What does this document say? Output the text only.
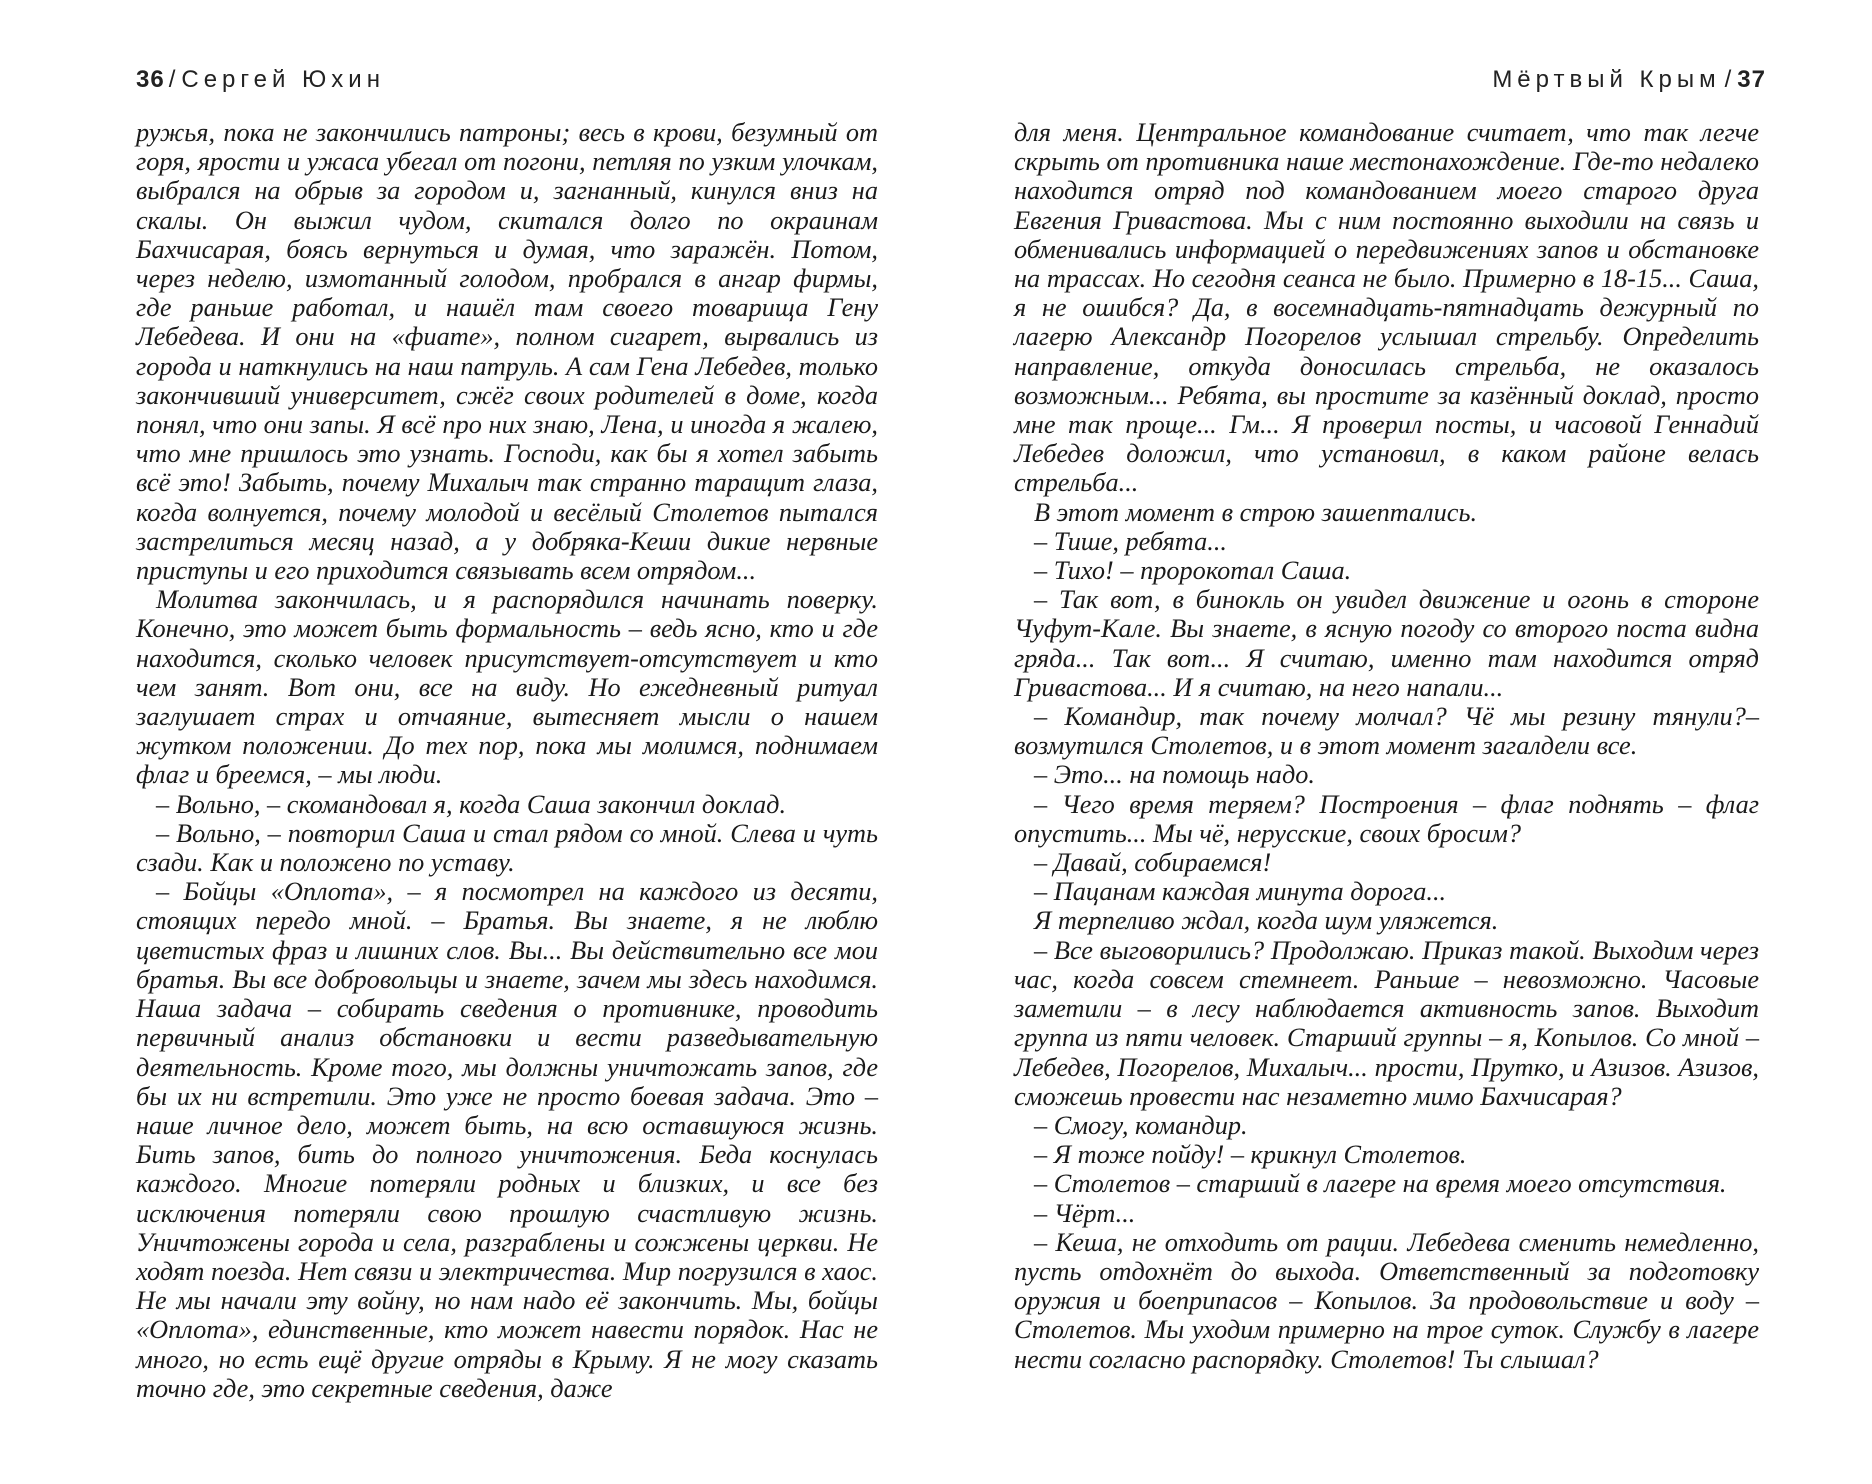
36 / Сергей Юхин

ружья, пока не закончились патроны; весь в крови, безумный от горя, ярости и ужаса убегал от погони, петляя по узким улочкам, выбрался на обрыв за городом и, загнанный, кинулся вниз на скалы. Он выжил чудом, скитался долго по окраинам Бахчисарая, боясь вернуться и думая, что заражён. Потом, через неделю, измотанный голодом, пробрался в ангар фирмы, где раньше работал, и нашёл там своего товарища Гену Лебедева. И они на «фиате», полном сигарет, вырвались из города и наткнулись на наш патруль. А сам Гена Лебедев, только закончивший университет, сжёг своих родителей в доме, когда понял, что они запы. Я всё про них знаю, Лена, и иногда я жалею, что мне пришлось это узнать. Господи, как бы я хотел забыть всё это! Забыть, почему Михалыч так странно таращит глаза, когда волнуется, почему молодой и весёлый Столетов пытался застрелиться месяц назад, а у добряка-Кеши дикие нервные приступы и его приходится связывать всем отрядом...

Молитва закончилась, и я распорядился начинать поверку. Конечно, это может быть формальность – ведь ясно, кто и где находится, сколько человек присутствует-отсутствует и кто чем занят. Вот они, все на виду. Но ежедневный ритуал заглушает страх и отчаяние, вытесняет мысли о нашем жутком положении. До тех пор, пока мы молимся, поднимаем флаг и бреемся, – мы люди.

– Вольно, – скомандовал я, когда Саша закончил доклад.

– Вольно, – повторил Саша и стал рядом со мной. Слева и чуть сзади. Как и положено по уставу.

– Бойцы «Оплота», – я посмотрел на каждого из десяти, стоящих передо мной. – Братья. Вы знаете, я не люблю цветистых фраз и лишних слов. Вы... Вы действительно все мои братья. Вы все добровольцы и знаете, зачем мы здесь находимся. Наша задача – собирать сведения о противнике, проводить первичный анализ обстановки и вести разведывательную деятельность. Кроме того, мы должны уничтожать запов, где бы их ни встретили. Это уже не просто боевая задача. Это – наше личное дело, может быть, на всю оставшуюся жизнь. Бить запов, бить до полного уничтожения. Беда коснулась каждого. Многие потеряли родных и близких, и все без исключения потеряли свою прошлую счастливую жизнь. Уничтожены города и села, разграблены и сожжены церкви. Не ходят поезда. Нет связи и электричества. Мир погрузился в хаос. Не мы начали эту войну, но нам надо её закончить. Мы, бойцы «Оплота», единственные, кто может навести порядок. Нас не много, но есть ещё другие отряды в Крыму. Я не могу сказать точно где, это секретные сведения, даже

Мёртвый Крым / 37

для меня. Центральное командование считает, что так легче скрыть от противника наше местонахождение. Где-то недалеко находится отряд под командованием моего старого друга Евгения Гривастова. Мы с ним постоянно выходили на связь и обменивались информацией о передвижениях запов и обстановке на трассах. Но сегодня сеанса не было. Примерно в 18-15... Саша, я не ошибся? Да, в восемнадцать-пятнадцать дежурный по лагерю Александр Погорелов услышал стрельбу. Определить направление, откуда доносилась стрельба, не оказалось возможным... Ребята, вы простите за казённый доклад, просто мне так проще... Гм... Я проверил посты, и часовой Геннадий Лебедев доложил, что установил, в каком районе велась стрельба...

В этот момент в строю зашептались.

– Тише, ребята...

– Тихо! – пророкотал Саша.

– Так вот, в бинокль он увидел движение и огонь в стороне Чуфут-Кале. Вы знаете, в ясную погоду со второго поста видна гряда... Так вот... Я считаю, именно там находится отряд Гривастова... И я считаю, на него напали...

– Командир, так почему молчал? Чё мы резину тянули?– возмутился Столетов, и в этот момент загалдели все.

– Это... на помощь надо.

– Чего время теряем? Построения – флаг поднять – флаг опустить... Мы чё, нерусские, своих бросим?

– Давай, собираемся!

– Пацанам каждая минута дорога...

Я терпеливо ждал, когда шум уляжется.

– Все выговорились? Продолжаю. Приказ такой. Выходим через час, когда совсем стемнеет. Раньше – невозможно. Часовые заметили – в лесу наблюдается активность запов. Выходит группа из пяти человек. Старший группы – я, Копылов. Со мной – Лебедев, Погорелов, Михалыч... прости, Прутко, и Азизов. Азизов, сможешь провести нас незаметно мимо Бахчисарая?

– Смогу, командир.

– Я тоже пойду! – крикнул Столетов.

– Столетов – старший в лагере на время моего отсутствия.

– Чёрт...

– Кеша, не отходить от рации. Лебедева сменить немедленно, пусть отдохнёт до выхода. Ответственный за подготовку оружия и боеприпасов – Копылов. За продовольствие и воду – Столетов. Мы уходим примерно на трое суток. Службу в лагере нести согласно распорядку. Столетов! Ты слышал?
